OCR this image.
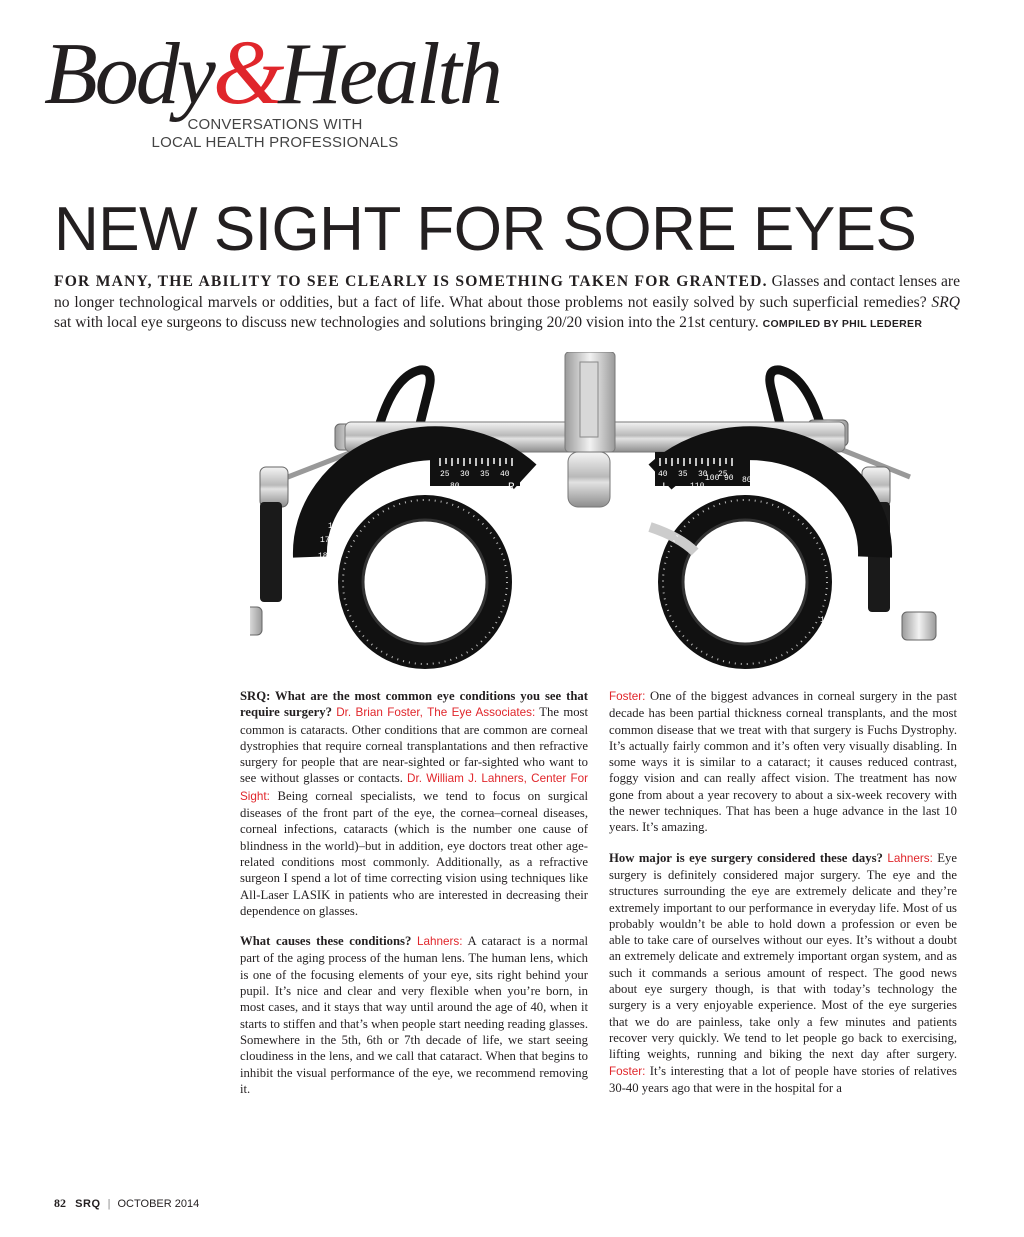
Body&Health
CONVERSATIONS WITH
LOCAL HEALTH PROFESSIONALS
NEW SIGHT FOR SORE EYES

FOR MANY, THE ABILITY TO SEE CLEARLY IS SOMETHING TAKEN FOR GRANTED. Glasses and contact lenses are no longer technological marvels or oddities, but a fact of life. What about those problems not easily solved by such superficial remedies? SRQ sat with local eye surgeons to discuss new technologies and solutions bringing 20/20 vision into the 21st century. COMPILED BY PHIL LEDERER

25 30 35 40
R
130
120
110 100 90
80 70
60
50
170
160
150
140
180
10
20
30
40 35 30 25
L
100 90 80 70
60
50
40
130
120
110
140
150
160
170
180
20
10

SRQ: What are the most common eye conditions you see that require surgery? Dr. Brian Foster, The Eye Associates: The most common is cataracts. Other conditions that are common are corneal dystrophies that require corneal transplantations and then refractive surgery for people that are near-sighted or far-sighted who want to see without glasses or contacts. Dr. William J. Lahners, Center For Sight: Being corneal specialists, we tend to focus on surgical diseases of the front part of the eye, the cornea–corneal diseases, corneal infections, cataracts (which is the number one cause of blindness in the world)–but in addition, eye doctors treat other age-related conditions most commonly. Additionally, as a refractive surgeon I spend a lot of time correcting vision using techniques like All-Laser LASIK in patients who are interested in decreasing their dependence on glasses.

What causes these conditions? Lahners: A cataract is a normal part of the aging process of the human lens. The human lens, which is one of the focusing elements of your eye, sits right behind your pupil. It’s nice and clear and very flexible when you’re born, in most cases, and it stays that way until around the age of 40, when it starts to stiffen and that’s when people start needing reading glasses. Somewhere in the 5th, 6th or 7th decade of life, we start seeing cloudiness in the lens, and we call that cataract. When that begins to inhibit the visual performance of the eye, we recommend removing it.

Foster: One of the biggest advances in corneal surgery in the past decade has been partial thickness corneal transplants, and the most common disease that we treat with that surgery is Fuchs Dystrophy. It’s actually fairly common and it’s often very visually disabling. In some ways it is similar to a cataract; it causes reduced contrast, foggy vision and can really affect vision. The treatment has now gone from about a year recovery to about a six-week recovery with the newer techniques. That has been a huge advance in the last 10 years. It’s amazing.

How major is eye surgery considered these days? Lahners: Eye surgery is definitely considered major surgery. The eye and the structures surrounding the eye are extremely delicate and they’re extremely important to our performance in everyday life. Most of us probably wouldn’t be able to hold down a profession or even be able to take care of ourselves without our eyes. It’s without a doubt an extremely delicate and extremely important organ system, and as such it commands a serious amount of respect. The good news about eye surgery though, is that with today’s technology the surgery is a very enjoyable experience. Most of the eye surgeries that we do are painless, take only a few minutes and patients recover very quickly. We tend to let people go back to exercising, lifting weights, running and biking the next day after surgery. Foster: It’s interesting that a lot of people have stories of relatives 30-40 years ago that were in the hospital for a

82 SRQ | OCTOBER 2014
